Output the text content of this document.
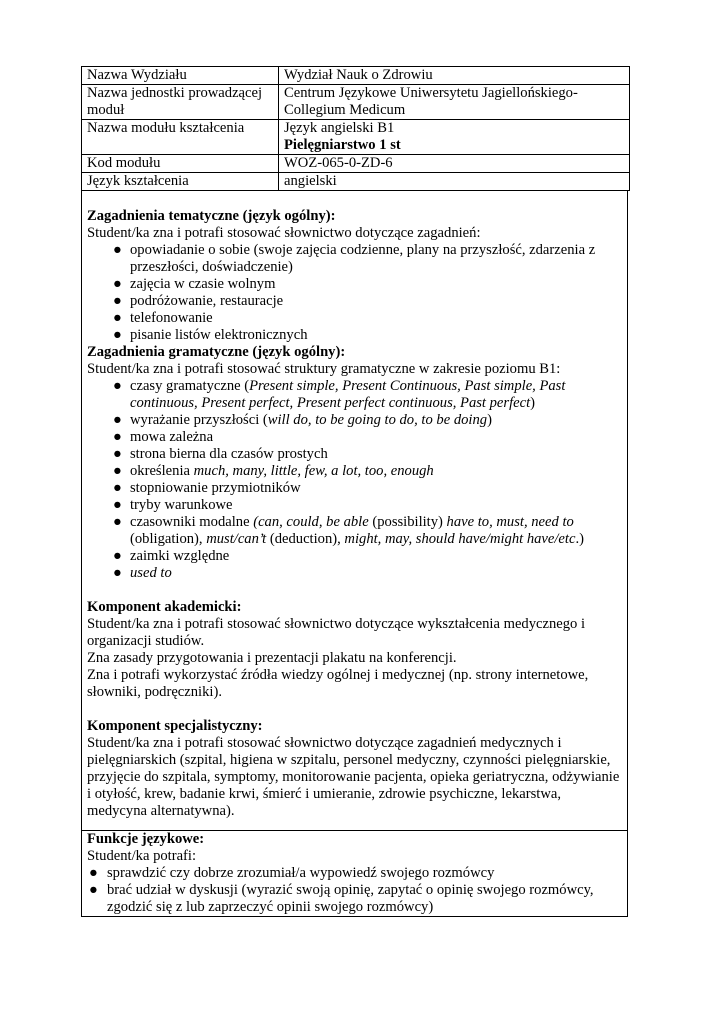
Nazwa Wydziału	Wydział Nauk o Zdrowiu
Nazwa jednostki prowadzącej moduł	Centrum Językowe Uniwersytetu Jagiellońskiego-Collegium Medicum
Nazwa modułu kształcenia	Język angielski B1
Pielęgniarstwo 1 st

Kod modułu	WOZ-065-0-ZD-6
Język kształcenia	angielski

Zagadnienia tematyczne (język ogólny):

Student/ka zna i potrafi stosować słownictwo dotyczące zagadnień:

● opowiadanie o sobie (swoje zajęcia codzienne, plany na przyszłość, zdarzenia z przeszłości, doświadczenie)
● zajęcia w czasie wolnym
● podróżowanie, restauracje
● telefonowanie
● pisanie listów elektronicznych

Zagadnienia gramatyczne (język ogólny):

Student/ka zna i potrafi stosować struktury gramatyczne w zakresie poziomu B1:

● czasy gramatyczne (Present simple, Present Continuous, Past simple, Past continuous, Present perfect, Present perfect continuous, Past perfect)
● wyrażanie przyszłości (will do, to be going to do, to be doing)
● mowa zależna
● strona bierna dla czasów prostych
● określenia much, many, little, few, a lot, too, enough
● stopniowanie przymiotników
● tryby warunkowe
● czasowniki modalne (can, could, be able (possibility) have to, must, need to (obligation), must/can’t (deduction), might, may, should have/might have/etc.)
● zaimki względne
● used to

Komponent akademicki:

Student/ka zna i potrafi stosować słownictwo dotyczące wykształcenia medycznego i organizacji studiów.

Zna zasady przygotowania i prezentacji plakatu na konferencji.

Zna i potrafi wykorzystać źródła wiedzy ogólnej i medycznej (np. strony internetowe, słowniki, podręczniki).

Komponent specjalistyczny:

Student/ka zna i potrafi stosować słownictwo dotyczące zagadnień medycznych i pielęgniarskich (szpital, higiena w szpitalu, personel medyczny, czynności pielęgniarskie, przyjęcie do szpitala, symptomy, monitorowanie pacjenta, opieka geriatryczna, odżywianie i otyłość, krew, badanie krwi, śmierć i umieranie, zdrowie psychiczne, lekarstwa, medycyna alternatywna).

Funkcje językowe:

Student/ka potrafi:

● sprawdzić czy dobrze zrozumiał/a wypowiedź swojego rozmówcy
● brać udział w dyskusji (wyrazić swoją opinię, zapytać o opinię swojego rozmówcy, zgodzić się z lub zaprzeczyć opinii swojego rozmówcy)
